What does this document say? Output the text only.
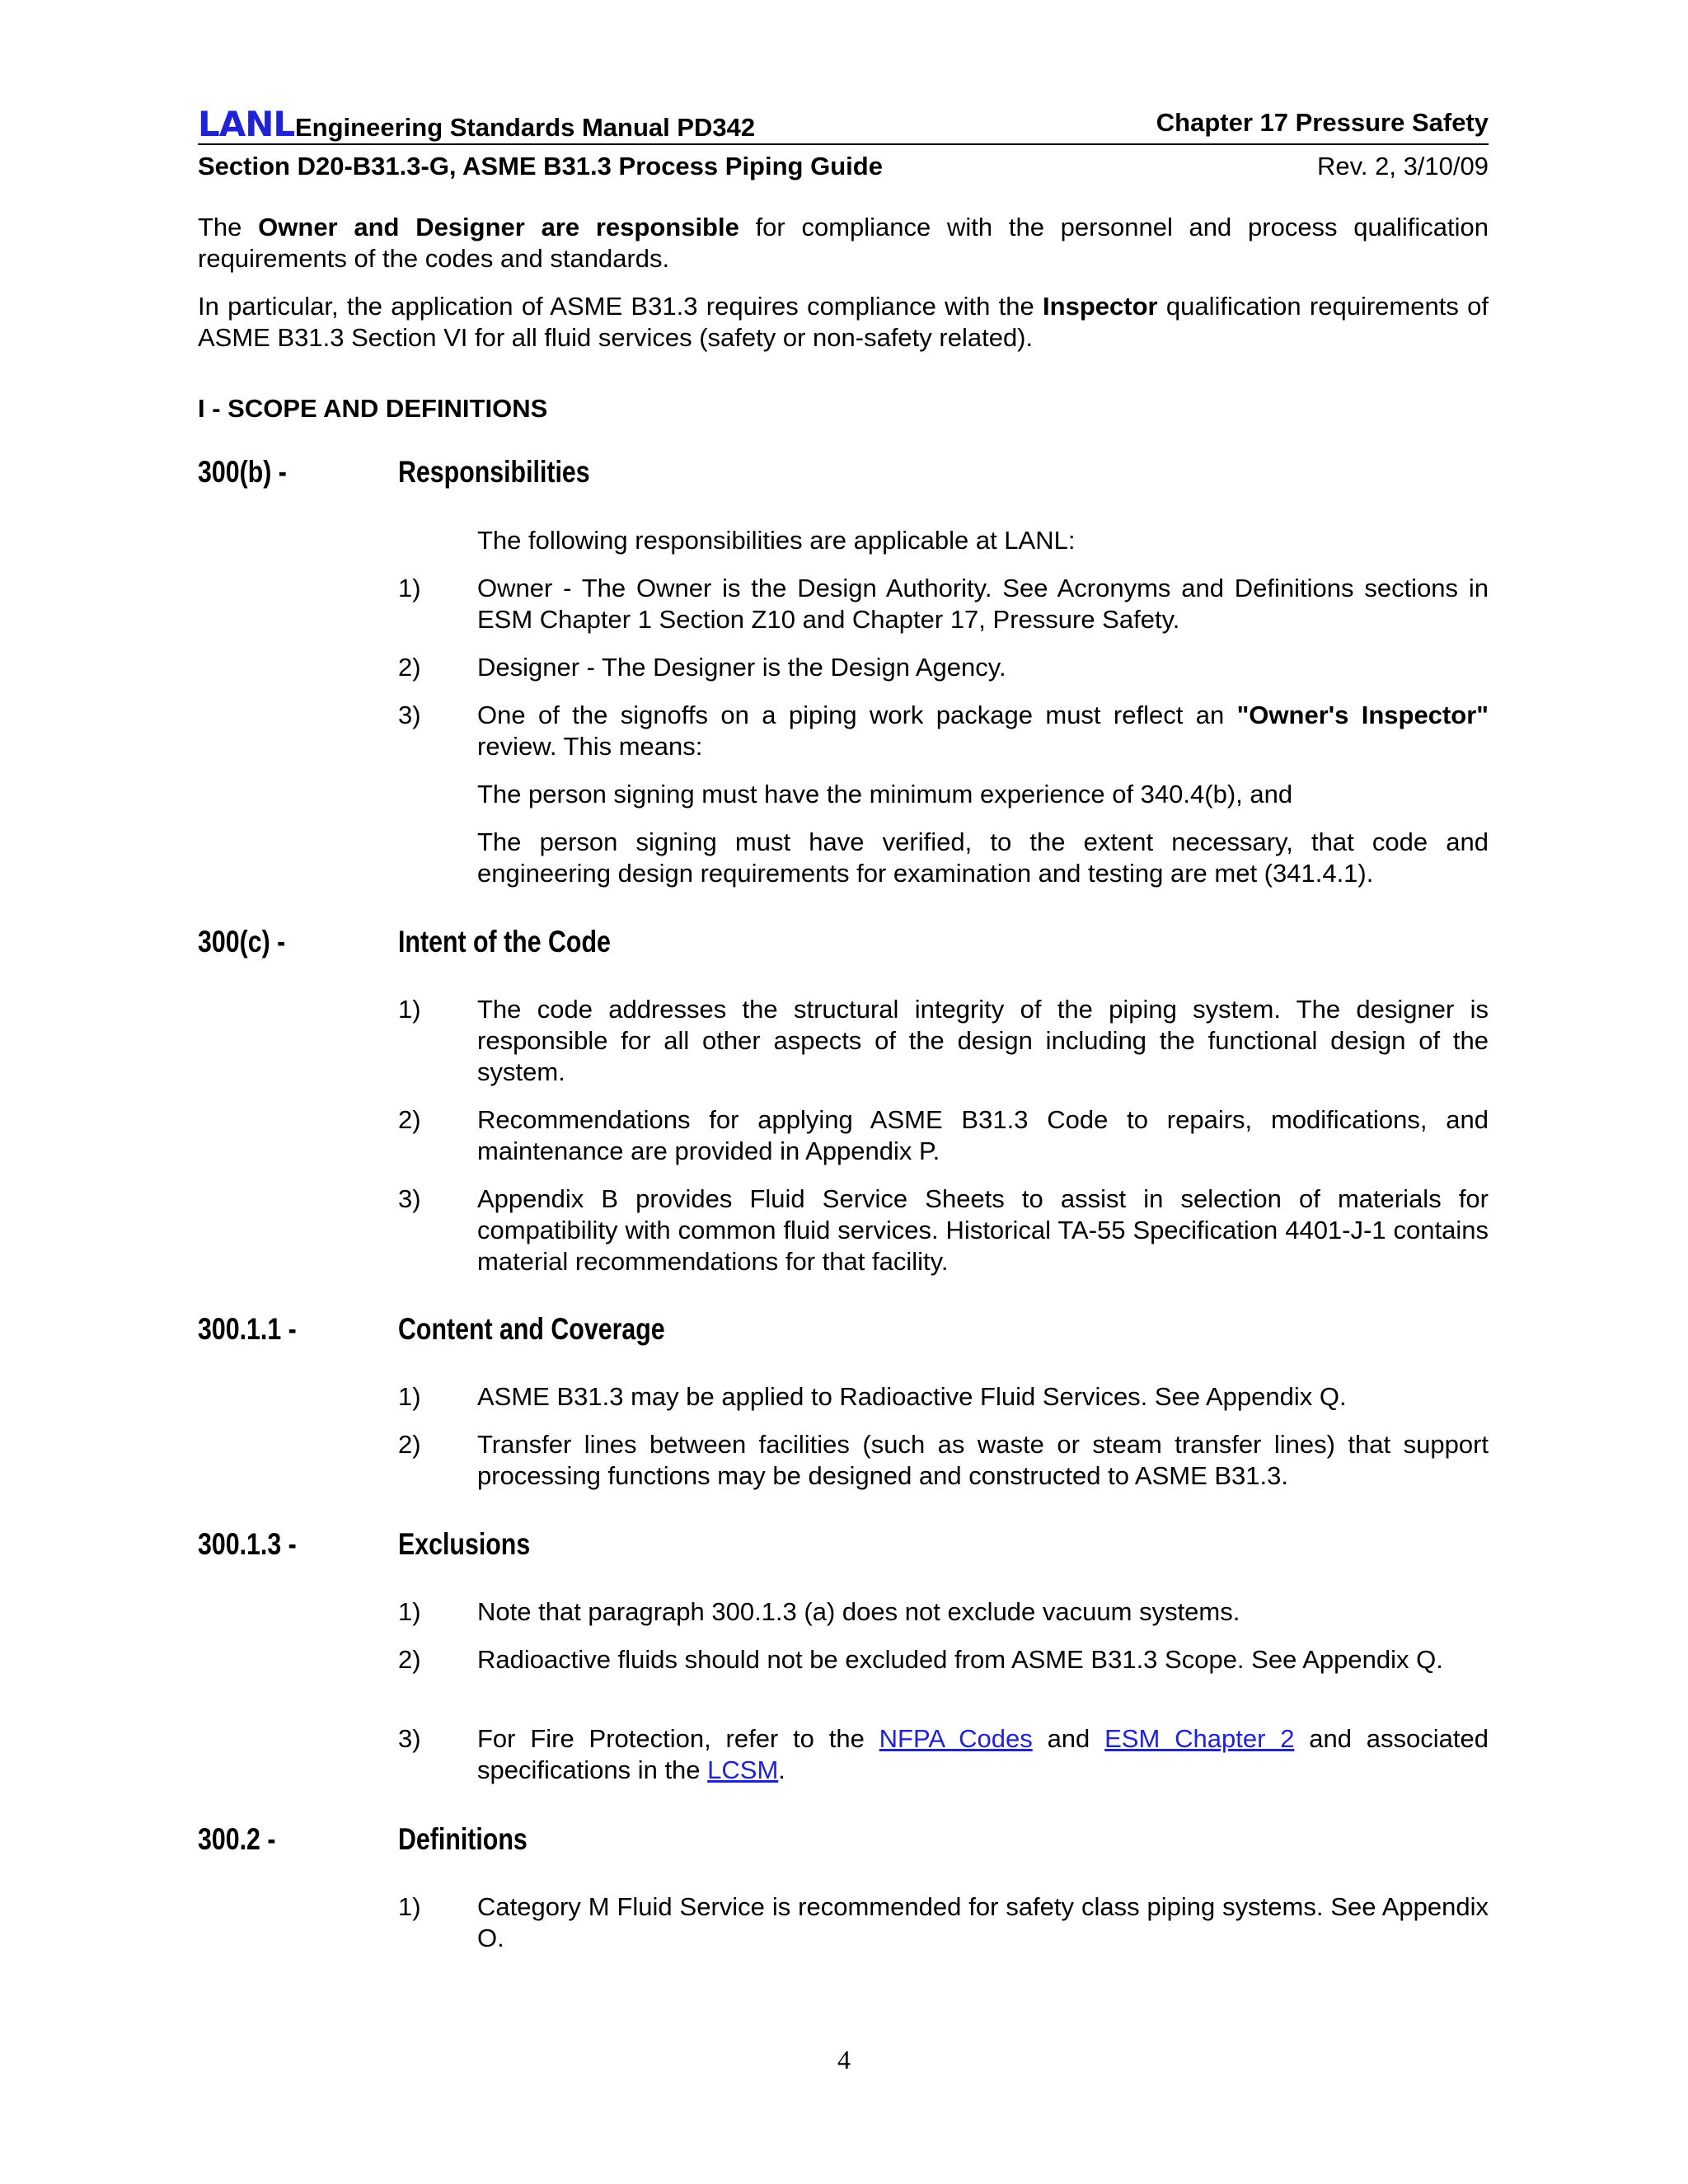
LANL Engineering Standards Manual PD342	Chapter 17 Pressure Safety
Section D20-B31.3-G, ASME B31.3 Process Piping Guide	Rev. 2, 3/10/09
The Owner and Designer are responsible for compliance with the personnel and process qualification requirements of the codes and standards.
In particular, the application of ASME B31.3 requires compliance with the Inspector qualification requirements of ASME B31.3 Section VI for all fluid services (safety or non-safety related).
I - SCOPE AND DEFINITIONS
300(b) -	Responsibilities
The following responsibilities are applicable at LANL:
1) Owner - The Owner is the Design Authority. See Acronyms and Definitions sections in ESM Chapter 1 Section Z10 and Chapter 17, Pressure Safety.
2) Designer - The Designer is the Design Agency.
3) One of the signoffs on a piping work package must reflect an "Owner's Inspector" review. This means:
The person signing must have the minimum experience of 340.4(b), and
The person signing must have verified, to the extent necessary, that code and engineering design requirements for examination and testing are met (341.4.1).
300(c) -	Intent of the Code
1) The code addresses the structural integrity of the piping system. The designer is responsible for all other aspects of the design including the functional design of the system.
2) Recommendations for applying ASME B31.3 Code to repairs, modifications, and maintenance are provided in Appendix P.
3) Appendix B provides Fluid Service Sheets to assist in selection of materials for compatibility with common fluid services. Historical TA-55 Specification 4401-J-1 contains material recommendations for that facility.
300.1.1 -	Content and Coverage
1) ASME B31.3 may be applied to Radioactive Fluid Services. See Appendix Q.
2) Transfer lines between facilities (such as waste or steam transfer lines) that support processing functions may be designed and constructed to ASME B31.3.
300.1.3 -	Exclusions
1) Note that paragraph 300.1.3 (a) does not exclude vacuum systems.
2) Radioactive fluids should not be excluded from ASME B31.3 Scope. See Appendix Q.
3) For Fire Protection, refer to the NFPA Codes and ESM Chapter 2 and associated specifications in the LCSM.
300.2 -	Definitions
1) Category M Fluid Service is recommended for safety class piping systems. See Appendix O.
4
